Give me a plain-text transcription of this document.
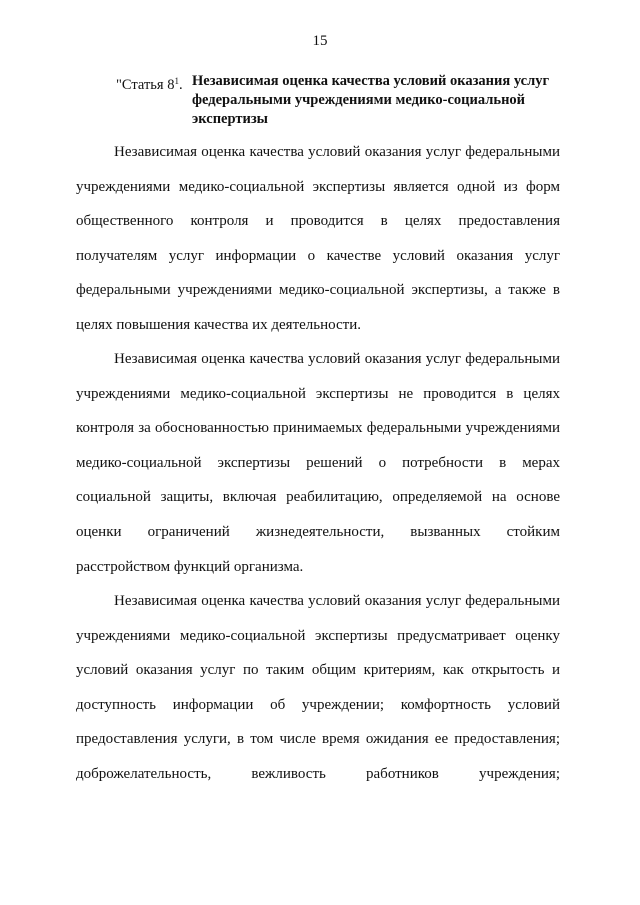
15
"Статья $8^1$. Независимая оценка качества условий оказания услуг федеральными учреждениями медико-социальной экспертизы

Независимая оценка качества условий оказания услуг федеральными учреждениями медико-социальной экспертизы является одной из форм общественного контроля и проводится в целях предоставления получателям услуг информации о качестве условий оказания услуг федеральными учреждениями медико-социальной экспертизы, а также в целях повышения качества их деятельности.

Независимая оценка качества условий оказания услуг федеральными учреждениями медико-социальной экспертизы не проводится в целях контроля за обоснованностью принимаемых федеральными учреждениями медико-социальной экспертизы решений о потребности в мерах социальной защиты, включая реабилитацию, определяемой на основе оценки ограничений жизнедеятельности, вызванных стойким расстройством функций организма.

Независимая оценка качества условий оказания услуг федеральными учреждениями медико-социальной экспертизы предусматривает оценку условий оказания услуг по таким общим критериям, как открытость и доступность информации об учреждении; комфортность условий предоставления услуги, в том числе время ожидания ее предоставления; доброжелательность, вежливость работников учреждения;
